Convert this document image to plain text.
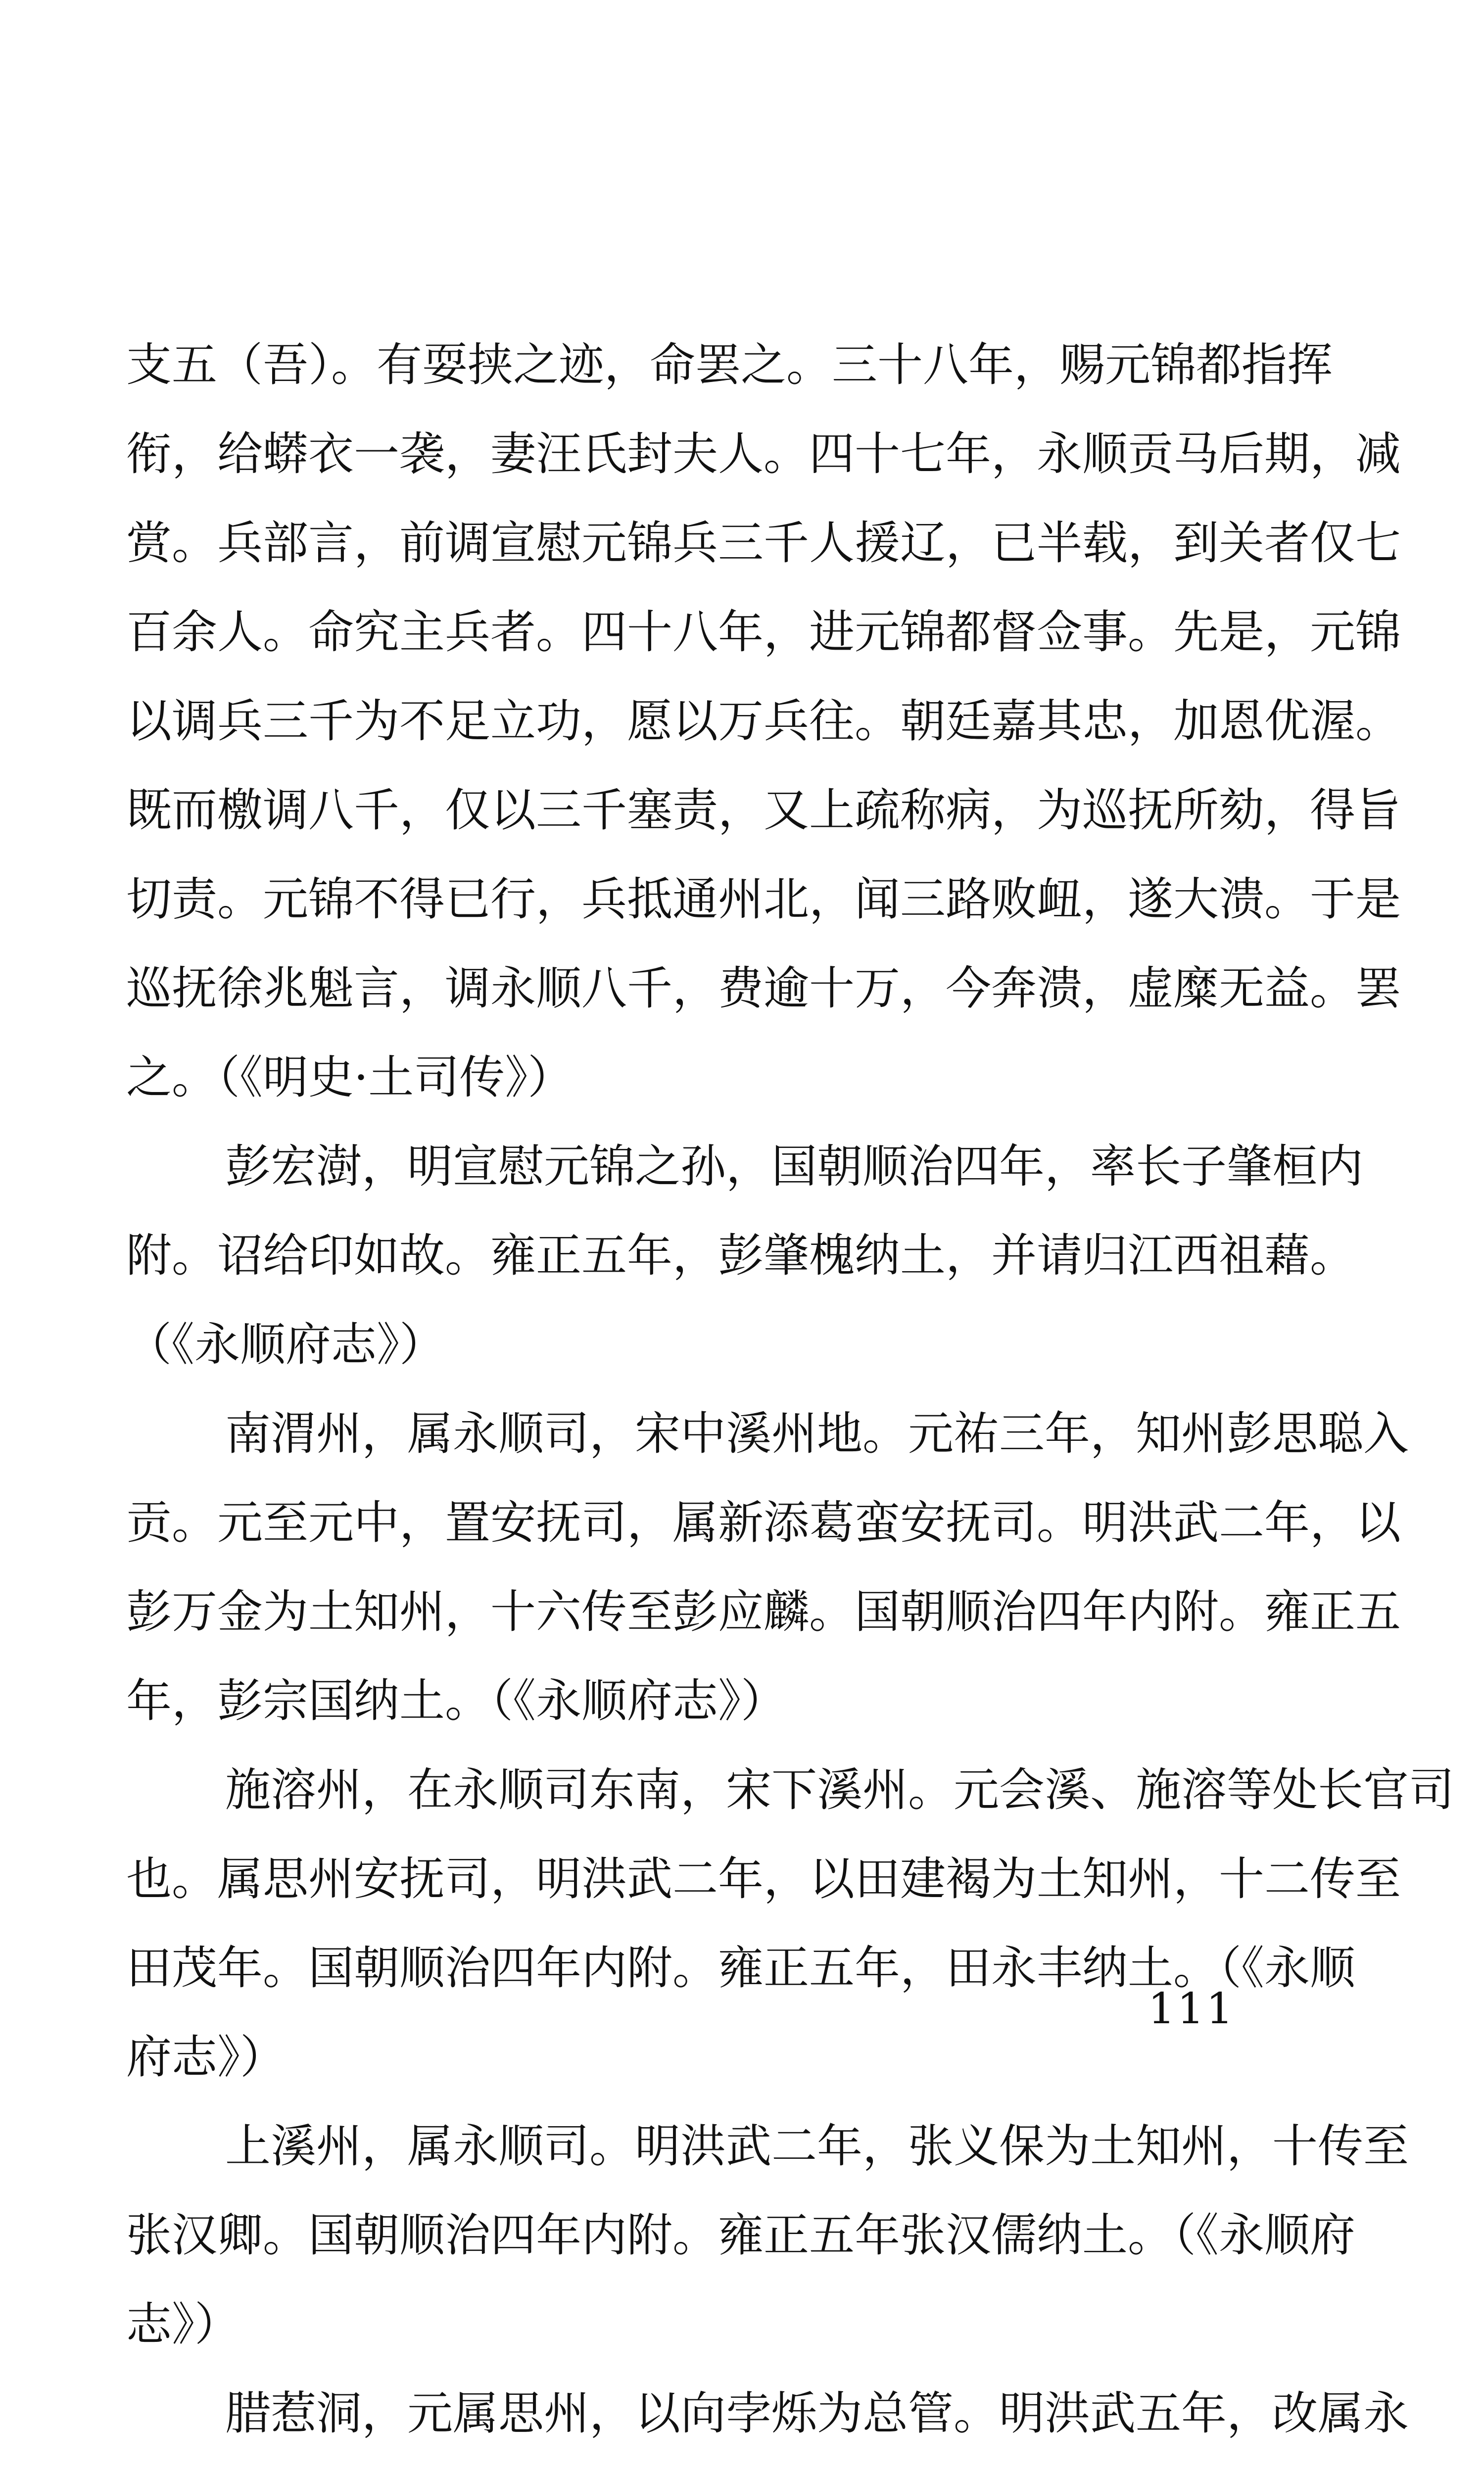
支五（吾）。有耍挟之迹，命罢之。三十八年，赐元锦都指挥
衔，给蟒衣一袭，妻汪氏封夫人。四十七年，永顺贡马后期，减
赏。兵部言，前调宣慰元锦兵三千人援辽，已半载，到关者仅七
百余人。命究主兵者。四十八年，进元锦都督佥事。先是，元锦
以调兵三千为不足立功，愿以万兵往。朝廷嘉其忠，加恩优渥。
既而檄调八千，仅以三千塞责，又上疏称病，为巡抚所劾，得旨
切责。元锦不得已行，兵抵通州北，闻三路败衄，遂大溃。于是
巡抚徐兆魁言，调永顺八千，费逾十万，今奔溃，虚糜无益。罢
之。（《明史·土司传》）
彭宏澍，明宣慰元锦之孙，国朝顺治四年，率长子肇桓内
附。诏给印如故。雍正五年，彭肇槐纳土，并请归江西祖藉。
（《永顺府志》）
南渭州，属永顺司，宋中溪州地。元祐三年，知州彭思聪入
贡。元至元中，置安抚司，属新添葛蛮安抚司。明洪武二年，以
彭万金为土知州，十六传至彭应麟。国朝顺治四年内附。雍正五
年，彭宗国纳土。（《永顺府志》）
施溶州，在永顺司东南，宋下溪州。元会溪、施溶等处长官司
也。属思州安抚司，明洪武二年，以田建褐为土知州，十二传至
田茂年。国朝顺治四年内附。雍正五年，田永丰纳土。（《永顺
府志》）
上溪州，属永顺司。明洪武二年，张义保为土知州，十传至
张汉卿。国朝顺治四年内附。雍正五年张汉儒纳土。（《永顺府
志》）
腊惹洞，元属思州，以向孛烁为总管。明洪武五年，改属永
111
